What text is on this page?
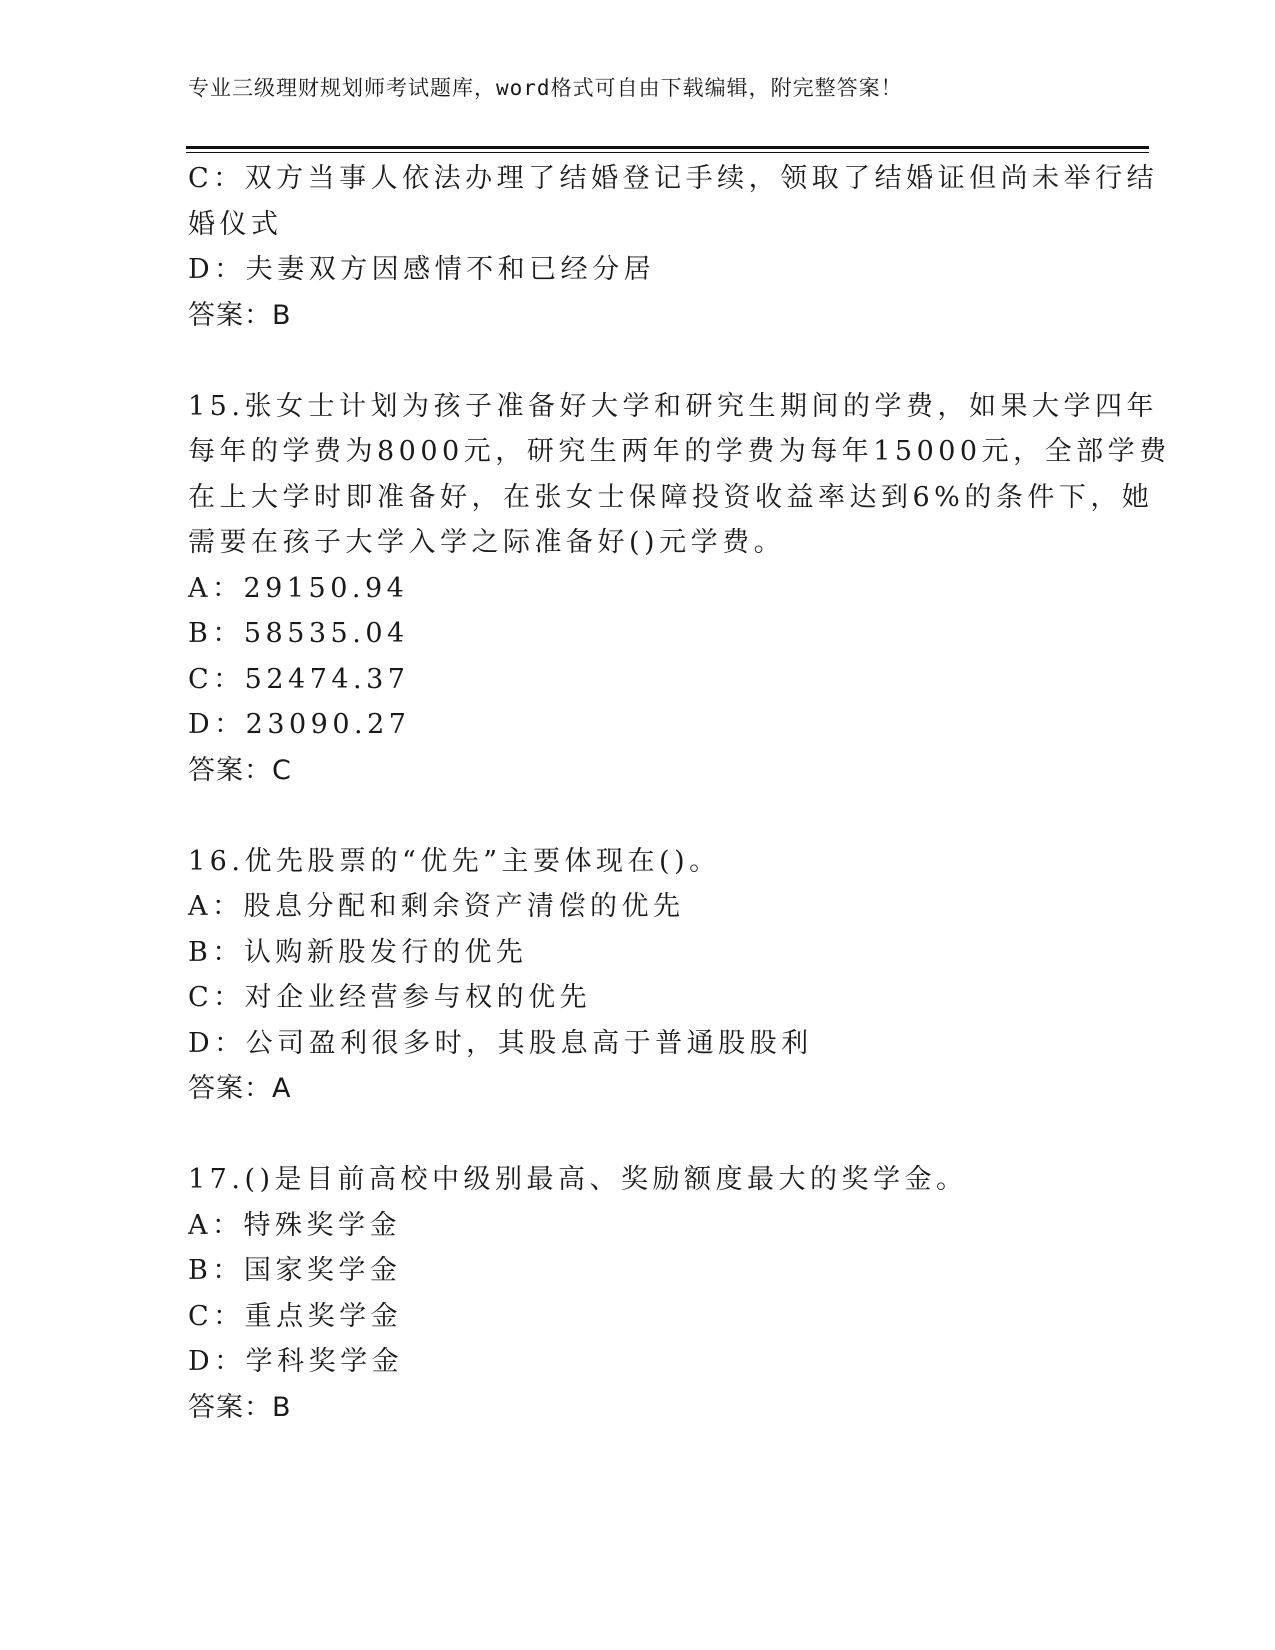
专业三级理财规划师考试题库，word格式可自由下载编辑，附完整答案！
C：双方当事人依法办理了结婚登记手续，领取了结婚证但尚未举行结
婚仪式
D：夫妻双方因感情不和已经分居
答案：B
15.张女士计划为孩子准备好大学和研究生期间的学费，如果大学四年
每年的学费为8000元，研究生两年的学费为每年15000元，全部学费
在上大学时即准备好，在张女士保障投资收益率达到6%的条件下，她
需要在孩子大学入学之际准备好()元学费。
A：29150.94
B：58535.04
C：52474.37
D：23090.27
答案：C
16.优先股票的“优先”主要体现在()。
A：股息分配和剩余资产清偿的优先
B：认购新股发行的优先
C：对企业经营参与权的优先
D：公司盈利很多时，其股息高于普通股股利
答案：A
17.()是目前高校中级别最高、奖励额度最大的奖学金。
A：特殊奖学金
B：国家奖学金
C：重点奖学金
D：学科奖学金
答案：B
